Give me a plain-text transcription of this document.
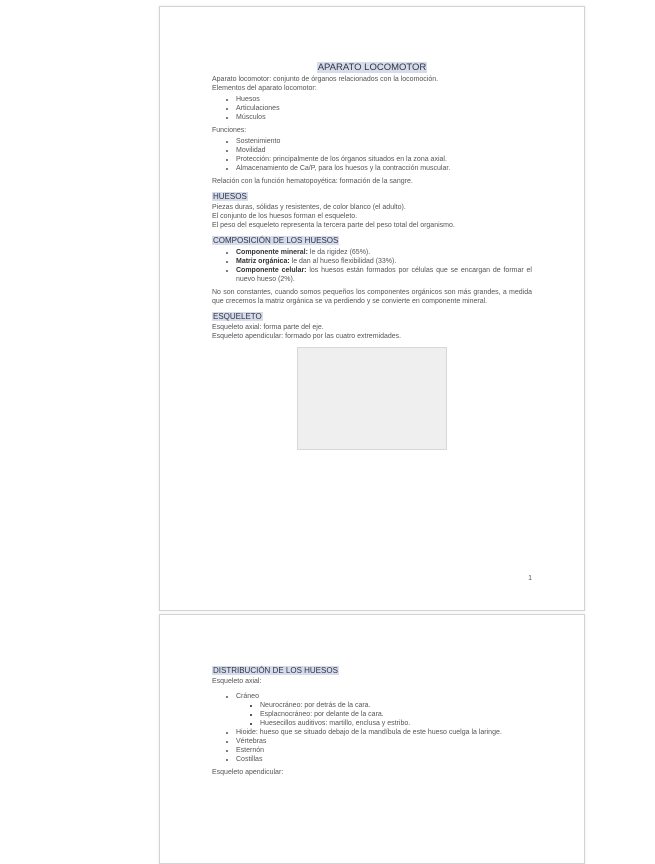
APARATO LOCOMOTOR

Aparato locomotor: conjunto de órganos relacionados con la locomoción.

Elementos del aparato locomotor:

• Huesos
• Articulaciones
• Músculos

Funciones:

• Sostenimiento
• Movilidad
• Protección: principalmente de los órganos situados en la zona axial.
• Almacenamiento de Ca/P, para los huesos y la contracción muscular.

Relación con la función hematopoyética: formación de la sangre.

HUESOS

Piezas duras, sólidas y resistentes, de color blanco (el adulto).

El conjunto de los huesos forman el esqueleto.

El peso del esqueleto representa la tercera parte del peso total del organismo.

COMPOSICIÓN DE LOS HUESOS
• Componente mineral: le da rigidez (65%).
• Matriz orgánica: le dan al hueso flexibilidad (33%).
• Componente celular: los huesos están formados por células que se encargan de formar el nuevo hueso (2%).

No son constantes, cuando somos pequeños los componentes orgánicos son más grandes, a medida que crecemos la matriz orgánica se va perdiendo y se convierte en componente mineral.

ESQUELETO

Esqueleto axial: forma parte del eje.

Esqueleto apendicular: formado por las cuatro extremidades.

1
DISTRIBUCIÓN DE LOS HUESOS

Esqueleto axial:

• Cráneo
▪ Neurocráneo: por detrás de la cara.
▪ Esplacnocráneo: por delante de la cara.
▪ Huesecillos auditivos: martillo, enclusa y estribo.
• Hioide: hueso que se situado debajo de la mandíbula de este hueso cuelga la laringe.
• Vértebras
• Esternón
• Costillas

Esqueleto apendicular:
